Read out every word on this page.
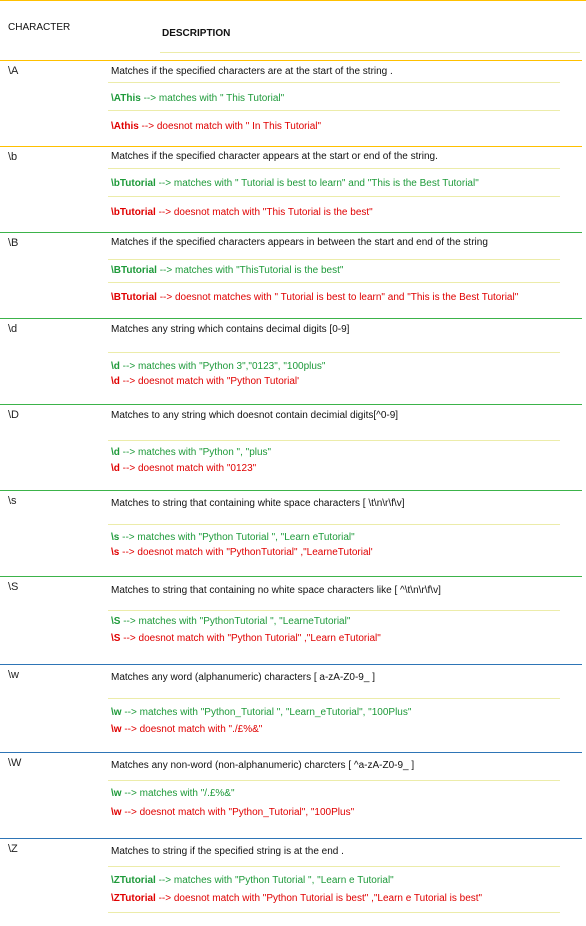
CHARACTER
DESCRIPTION
\A	Matches if the specified characters are at the start of the string .
\AThis --> matches with " This Tutorial"
\Athis --> doesnot match with " In This Tutorial"
\b	Matches if the specified character appears at the start or end of the string.
\bTutorial --> matches with " Tutorial is best to learn" and "This is the Best Tutorial"
\bTutorial --> doesnot match with "This Tutorial is the best"
\B	Matches if the specified characters appears in between the start and end of the string
\BTutorial --> matches with "ThisTutorial is the best"
\BTutorial --> doesnot matches with " Tutorial is best to learn" and "This is the Best Tutorial"
\d	Matches any string which contains decimal digits [0-9]
\d --> matches with "Python 3","0123", "100plus"
\d --> doesnot match with "Python Tutorial'
\D	Matches to any string which doesnot contain decimial digits[^0-9]
\d --> matches with "Python ", "plus"
\d --> doesnot match with "0123"
\s	Matches to string that containing white space characters [ \t\n\r\f\v]
\s --> matches with "Python Tutorial ", "Learn eTutorial"
\s --> doesnot match with "PythonTutorial" ,"LearneTutorial'
\S	Matches to string that containing no white space characters like [ ^\t\n\r\f\v]
\S --> matches with "PythonTutorial ", "LearneTutorial"
\S --> doesnot match with "Python Tutorial" ,"Learn eTutorial"
\w	Matches any word (alphanumeric) characters [ a-zA-Z0-9_ ]
\w --> matches with "Python_Tutorial ", "Learn_eTutorial", "100Plus"
\w --> doesnot match with "./£%&"
\W	Matches any non-word (non-alphanumeric) charcters [ ^a-zA-Z0-9_ ]
\w --> matches with "/.£%&"
\w --> doesnot match with "Python_Tutorial", "100Plus"
\Z	Matches to string if the specified string is at the end .
\ZTutorial --> matches with "Python Tutorial ", "Learn e Tutorial"
\ZTutorial --> doesnot match with "Python Tutorial is best" ,"Learn e Tutorial is best"
